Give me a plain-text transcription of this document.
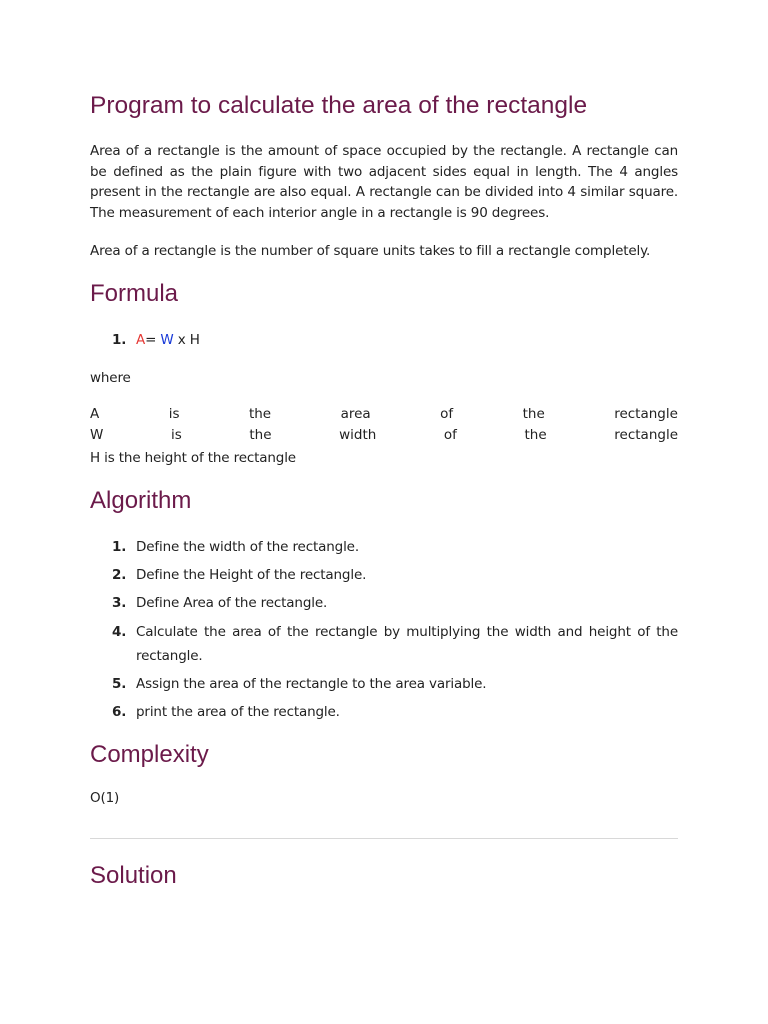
Program to calculate the area of the rectangle
Area of a rectangle is the amount of space occupied by the rectangle. A rectangle can be defined as the plain figure with two adjacent sides equal in length. The 4 angles present in the rectangle are also equal. A rectangle can be divided into 4 similar square. The measurement of each interior angle in a rectangle is 90 degrees.
Area of a rectangle is the number of square units takes to fill a rectangle completely.
Formula
1. A= W x H
where
A	is	the	area	of	the	rectangle
W	is	the	width	of	the	rectangle
H is the height of the rectangle
Algorithm
1. Define the width of the rectangle.
2. Define the Height of the rectangle.
3. Define Area of the rectangle.
4. Calculate the area of the rectangle by multiplying the width and height of the rectangle.
5. Assign the area of the rectangle to the area variable.
6. print the area of the rectangle.
Complexity
O(1)
Solution
